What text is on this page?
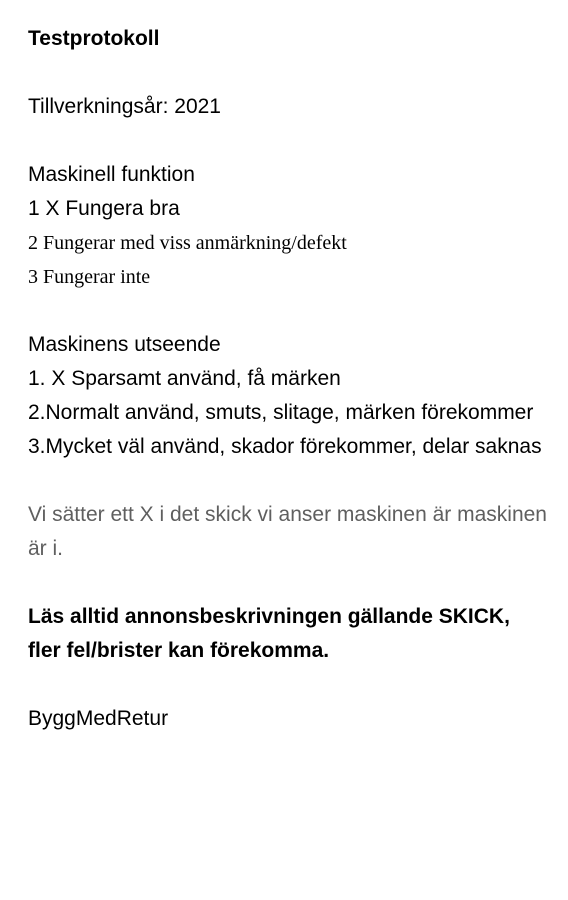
Testprotokoll

Tillverkningsår: 2021

Maskinell funktion

1 X Fungera bra

2 Fungerar med viss anmärkning/defekt

3 Fungerar inte

Maskinens utseende

1. X Sparsamt använd, få märken

2.Normalt använd, smuts, slitage, märken förekommer

3.Mycket väl använd, skador förekommer, delar saknas

Vi sätter ett X i det skick vi anser maskinen är maskinen är i.

Läs alltid annonsbeskrivningen gällande SKICK, fler fel/brister kan förekomma.

ByggMedRetur
